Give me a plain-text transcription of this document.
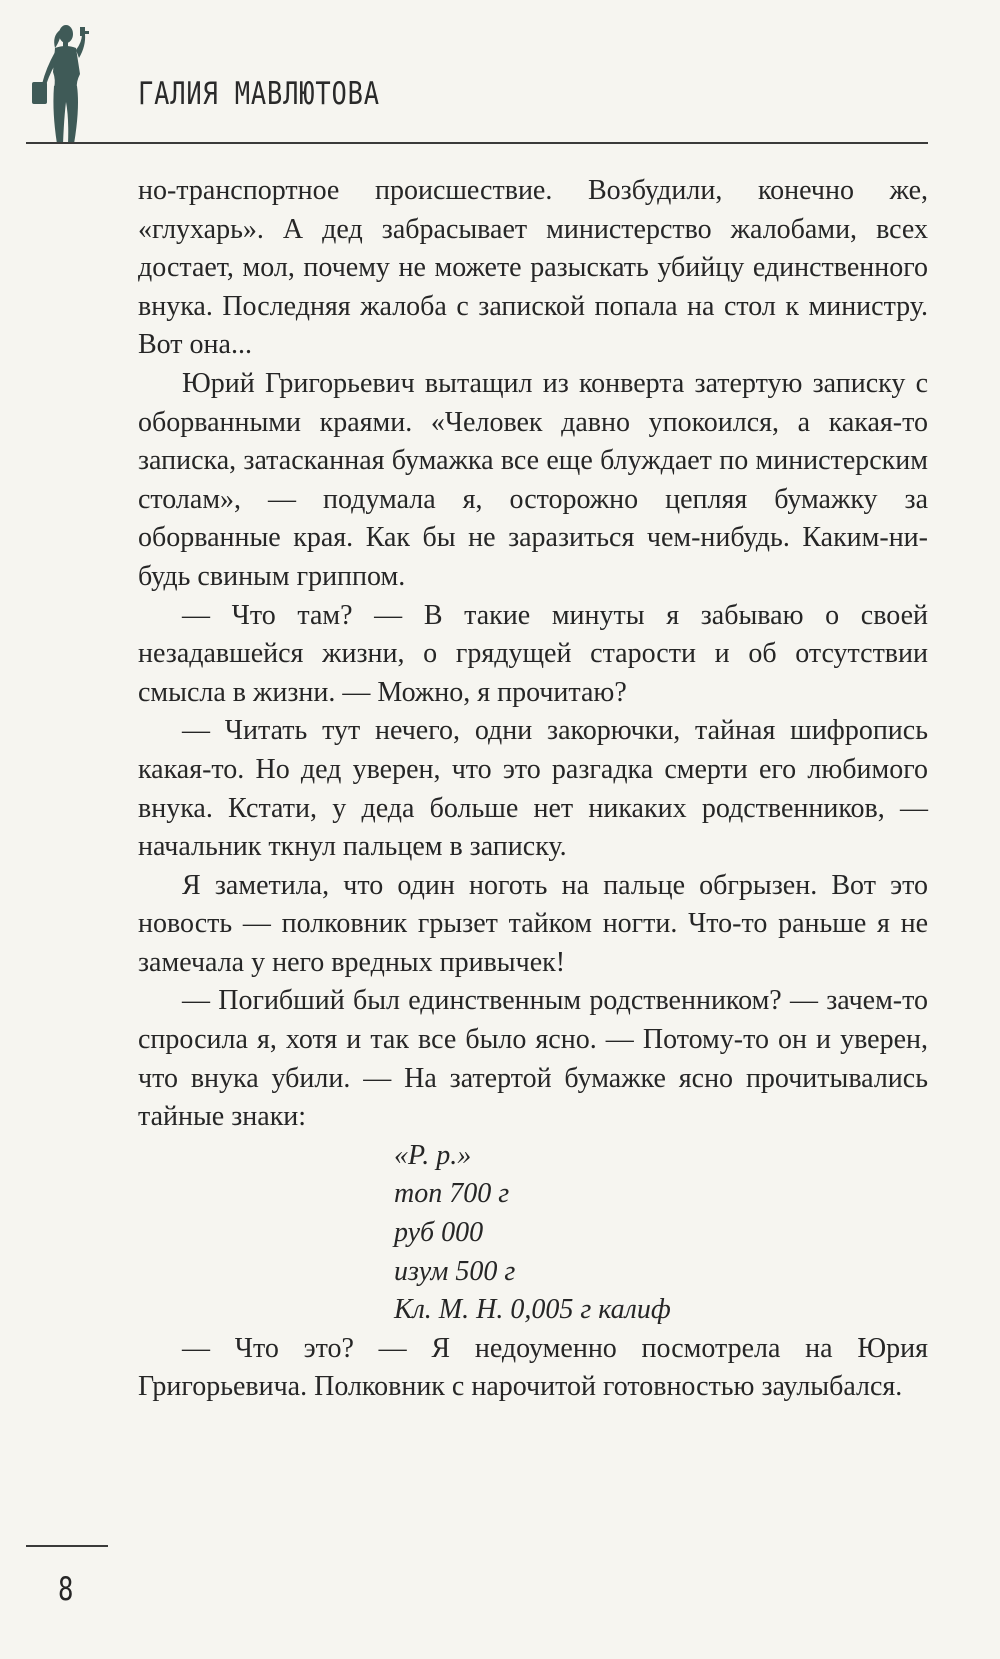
ГАЛИЯ МАВЛЮТОВА

но-транспортное происшествие. Возбудили, конечно же, «глухарь». А дед забрасывает министерство жалобами, всех достает, мол, почему не можете разыскать убийцу единственного внука. Последняя жалоба с запиской попала на стол к министру. Вот она...

Юрий Григорьевич вытащил из конверта затертую записку с оборванными краями. «Человек давно упокоился, а какая-то записка, затасканная бумажка все еще блуждает по министерским столам», — подумала я, осторожно цепляя бумажку за оборванные края. Как бы не заразиться чем-нибудь. Каким-нибудь свиным гриппом.

— Что там? — В такие минуты я забываю о своей незадавшейся жизни, о грядущей старости и об отсутствии смысла в жизни. — Можно, я прочитаю?

— Читать тут нечего, одни закорючки, тайная шифропись какая-то. Но дед уверен, что это разгадка смерти его любимого внука. Кстати, у деда больше нет никаких родственников, — начальник ткнул пальцем в записку.

Я заметила, что один ноготь на пальце обгрызен. Вот это новость — полковник грызет тайком ногти. Что-то раньше я не замечала у него вредных привычек!

— Погибший был единственным родственником? — зачем-то спросила я, хотя и так все было ясно. — Потому-то он и уверен, что внука убили. — На затертой бумажке ясно прочитывались тайные знаки:

«Р. р.»
топ 700 г
руб 000
изум 500 г
Кл. М. Н. 0,005 г калиф

— Что это? — Я недоуменно посмотрела на Юрия Григорьевича. Полковник с нарочитой готовностью заулыбался.

8
